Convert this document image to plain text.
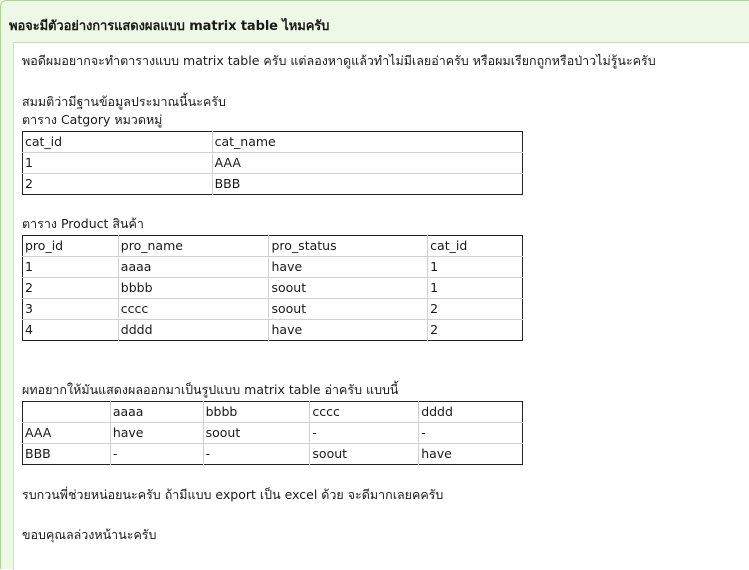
พอจะมีตัวอย่างการแสดงผลแบบ matrix table ไหมครับ
พอดีผมอยากจะทำตารางแบบ matrix table ครับ แต่ลองหาดูแล้วทำไม่มีเลยอ่าครับ หรือผมเรียกถูกหรือป่าวไม่รู้นะครับ
สมมติว่ามีฐานข้อมูลประมาณนี้นะครับ
ตาราง Catgory หมวดหมู่
cat_id	cat_name
1	AAA
2	BBB
ตาราง Product สินค้า
pro_id	pro_name	pro_status	cat_id
1	aaaa	have	1
2	bbbb	soout	1
3	cccc	soout	2
4	dddd	have	2
ผทอยากให้มันแสดงผลออกมาเป็นรูปแบบ matrix table อ่าครับ แบบนี้
	aaaa	bbbb	cccc	dddd
AAA	have	soout	-	-
BBB	-	-	soout	have
รบกวนพี่ช่วยหน่อยนะครับ ถ้ามีแบบ export เป็น excel ด้วย จะดีมากเลยคครับ
ขอบคุณลล่วงหน้านะครับ
